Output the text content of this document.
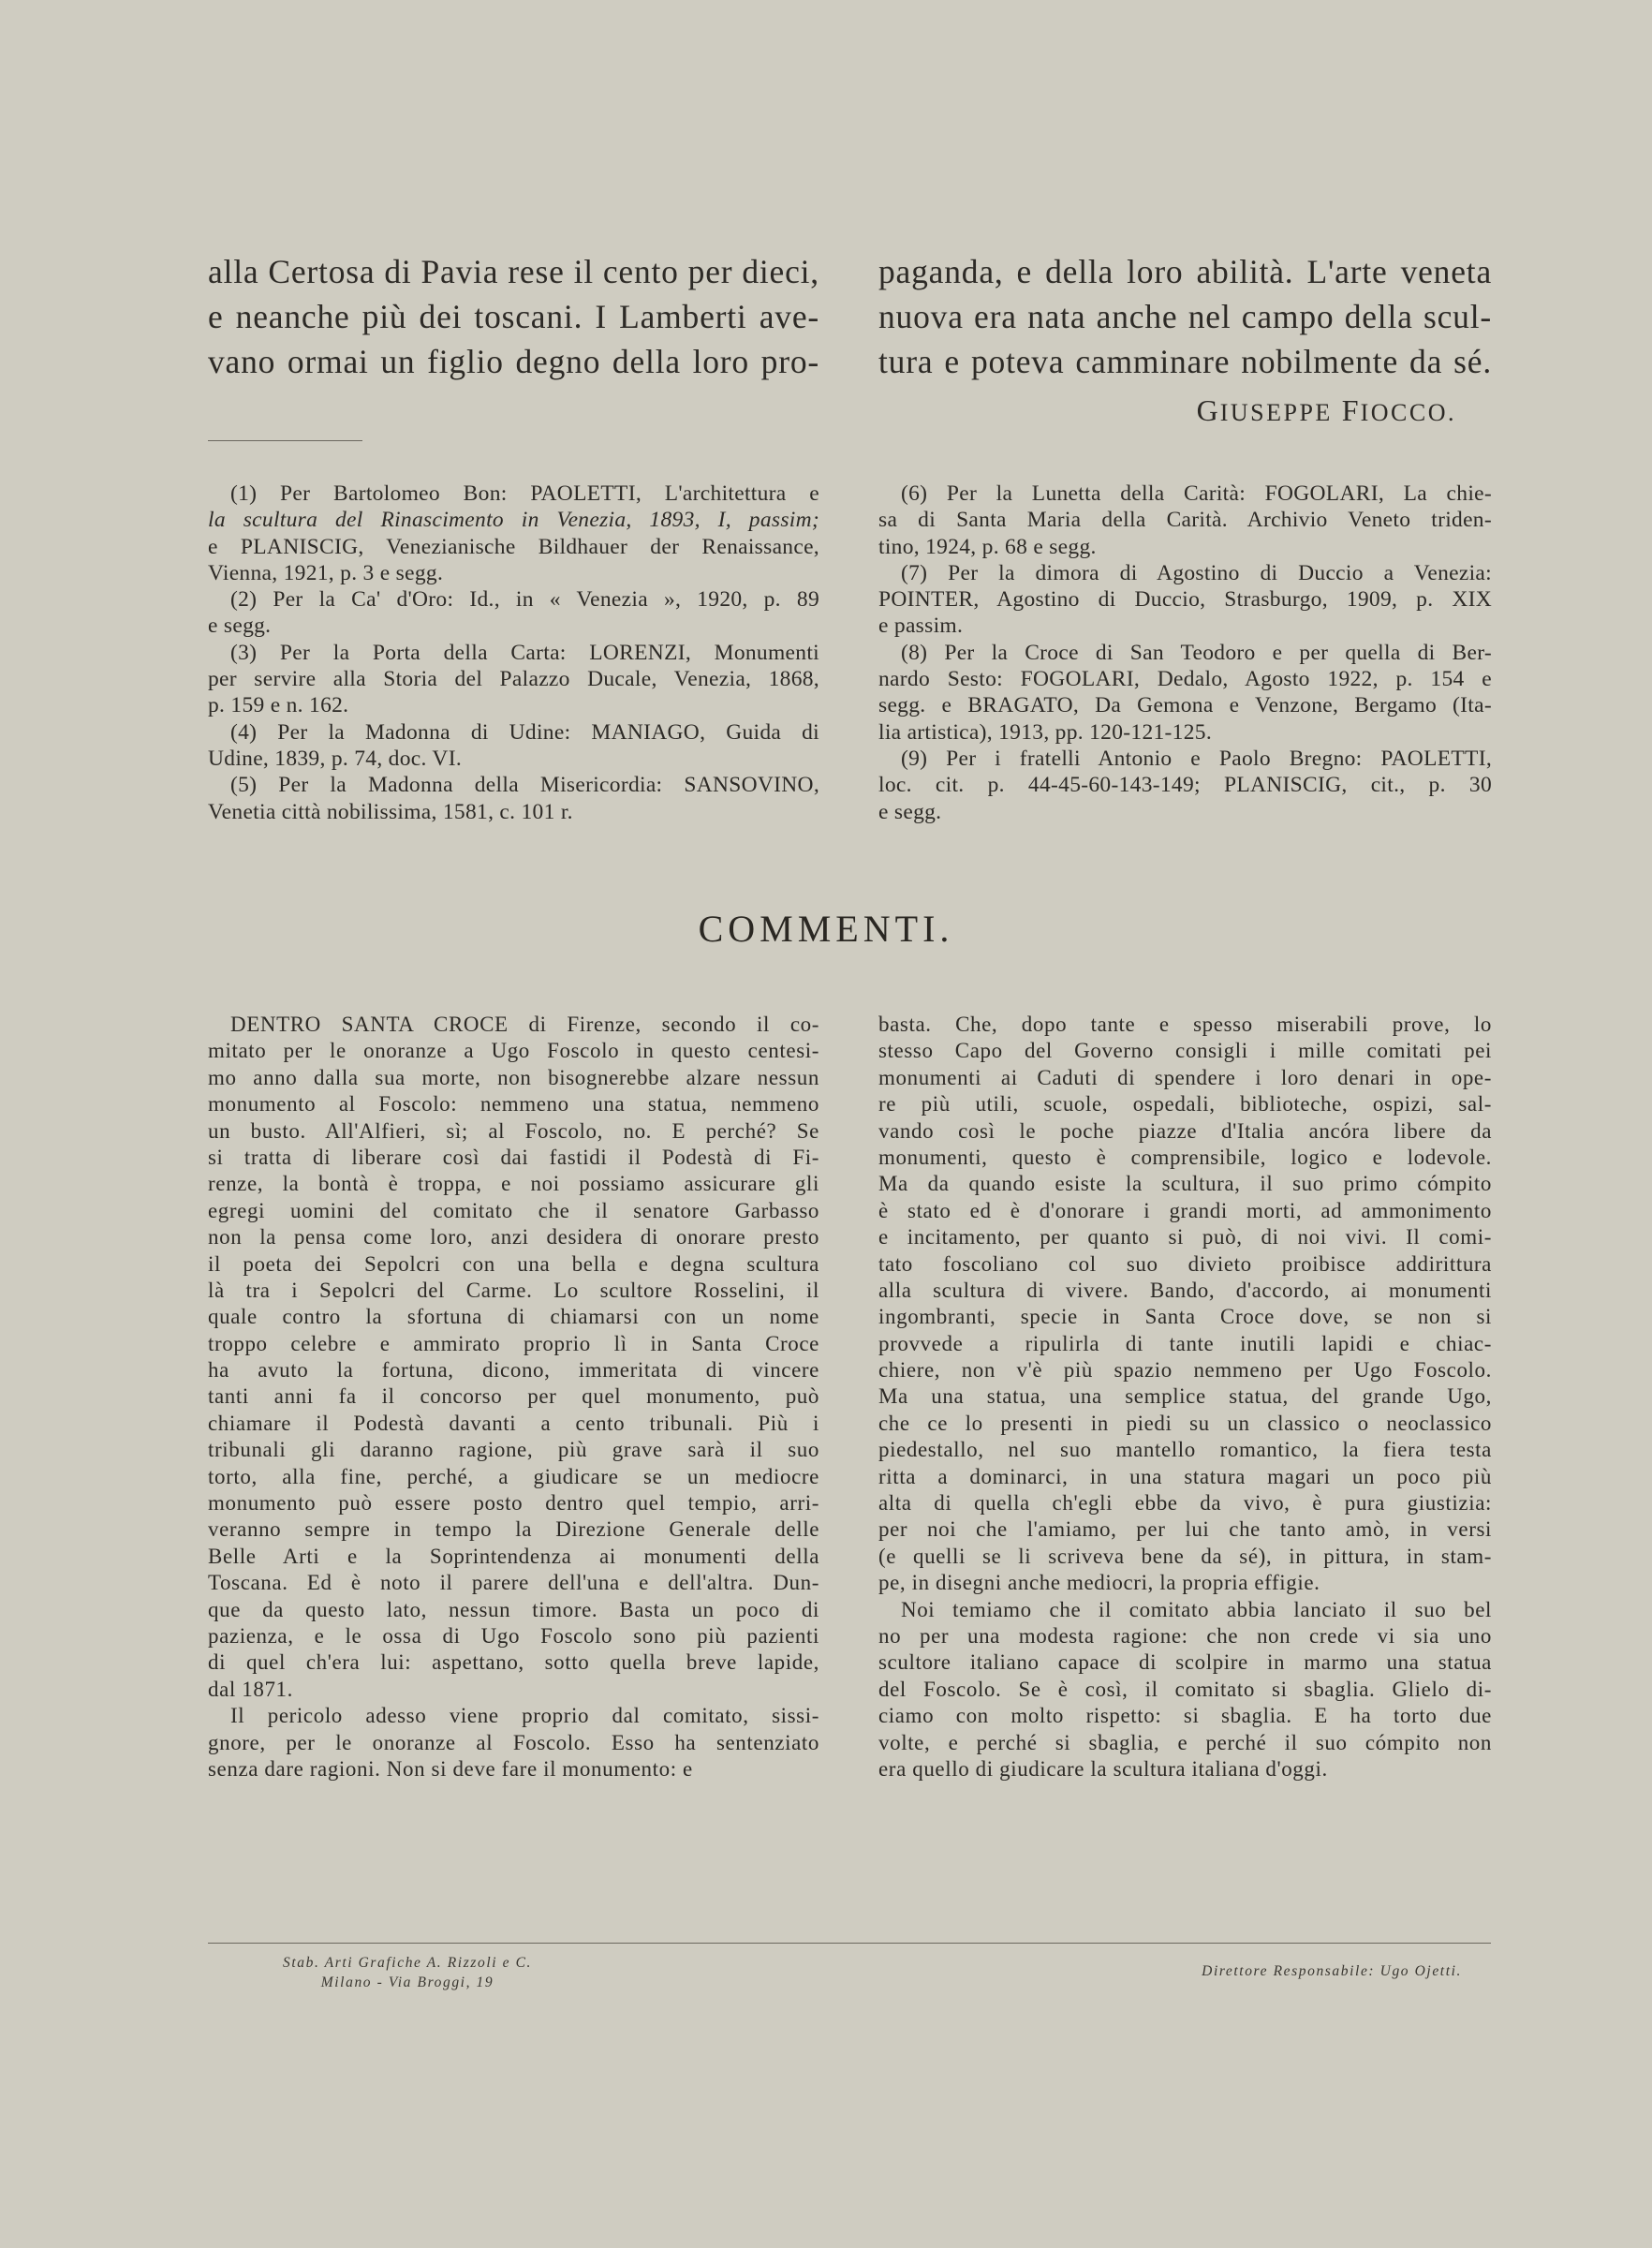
alla Certosa di Pavia rese il cento per dieci,
e neanche più dei toscani. I Lamberti ave-
vano ormai un figlio degno della loro pro-
paganda, e della loro abilità. L'arte veneta
nuova era nata anche nel campo della scul-
tura e poteva camminare nobilmente da sé.
GIUSEPPE FIOCCO.
(1) Per Bartolomeo Bon: PAOLETTI, L'architettura e
la scultura del Rinascimento in Venezia, 1893, I, passim;
e PLANISCIG, Venezianische Bildhauer der Renaissance,
Vienna, 1921, p. 3 e segg.
(2) Per la Ca' d'Oro: Id., in « Venezia », 1920, p. 89
e segg.
(3) Per la Porta della Carta: LORENZI, Monumenti
per servire alla Storia del Palazzo Ducale, Venezia, 1868,
p. 159 e n. 162.
(4) Per la Madonna di Udine: MANIAGO, Guida di
Udine, 1839, p. 74, doc. VI.
(5) Per la Madonna della Misericordia: SANSOVINO,
Venetia città nobilissima, 1581, c. 101 r.
(6) Per la Lunetta della Carità: FOGOLARI, La chie-
sa di Santa Maria della Carità. Archivio Veneto triden-
tino, 1924, p. 68 e segg.
(7) Per la dimora di Agostino di Duccio a Venezia:
POINTER, Agostino di Duccio, Strasburgo, 1909, p. XIX
e passim.
(8) Per la Croce di San Teodoro e per quella di Ber-
nardo Sesto: FOGOLARI, Dedalo, Agosto 1922, p. 154 e
segg. e BRAGATO, Da Gemona e Venzone, Bergamo (Ita-
lia artistica), 1913, pp. 120-121-125.
(9) Per i fratelli Antonio e Paolo Bregno: PAOLETTI,
loc. cit. p. 44-45-60-143-149; PLANISCIG, cit., p. 30
e segg.
COMMENTI.
DENTRO SANTA CROCE di Firenze, secondo il co-
mitato per le onoranze a Ugo Foscolo in questo centesi-
mo anno dalla sua morte, non bisognerebbe alzare nessun
monumento al Foscolo: nemmeno una statua, nemmeno
un busto. All'Alfieri, sì; al Foscolo, no. E perché? Se
si tratta di liberare così dai fastidi il Podestà di Fi-
renze, la bontà è troppa, e noi possiamo assicurare gli
egregi uomini del comitato che il senatore Garbasso
non la pensa come loro, anzi desidera di onorare presto
il poeta dei Sepolcri con una bella e degna scultura
là tra i Sepolcri del Carme. Lo scultore Rosselini, il
quale contro la sfortuna di chiamarsi con un nome
troppo celebre e ammirato proprio lì in Santa Croce
ha avuto la fortuna, dicono, immeritata di vincere
tanti anni fa il concorso per quel monumento, può
chiamare il Podestà davanti a cento tribunali. Più i
tribunali gli daranno ragione, più grave sarà il suo
torto, alla fine, perché, a giudicare se un mediocre
monumento può essere posto dentro quel tempio, arri-
veranno sempre in tempo la Direzione Generale delle
Belle Arti e la Soprintendenza ai monumenti della
Toscana. Ed è noto il parere dell'una e dell'altra. Dun-
que da questo lato, nessun timore. Basta un poco di
pazienza, e le ossa di Ugo Foscolo sono più pazienti
di quel ch'era lui: aspettano, sotto quella breve lapide,
dal 1871.
Il pericolo adesso viene proprio dal comitato, sissi-
gnore, per le onoranze al Foscolo. Esso ha sentenziato
senza dare ragioni. Non si deve fare il monumento: e
basta. Che, dopo tante e spesso miserabili prove, lo
stesso Capo del Governo consigli i mille comitati pei
monumenti ai Caduti di spendere i loro denari in ope-
re più utili, scuole, ospedali, biblioteche, ospizi, sal-
vando così le poche piazze d'Italia ancóra libere da
monumenti, questo è comprensibile, logico e lodevole.
Ma da quando esiste la scultura, il suo primo cómpito
è stato ed è d'onorare i grandi morti, ad ammonimento
e incitamento, per quanto si può, di noi vivi. Il comi-
tato foscoliano col suo divieto proibisce addirittura
alla scultura di vivere. Bando, d'accordo, ai monumenti
ingombranti, specie in Santa Croce dove, se non si
provvede a ripulirla di tante inutili lapidi e chiac-
chiere, non v'è più spazio nemmeno per Ugo Foscolo.
Ma una statua, una semplice statua, del grande Ugo,
che ce lo presenti in piedi su un classico o neoclassico
piedestallo, nel suo mantello romantico, la fiera testa
ritta a dominarci, in una statura magari un poco più
alta di quella ch'egli ebbe da vivo, è pura giustizia:
per noi che l'amiamo, per lui che tanto amò, in versi
(e quelli se li scriveva bene da sé), in pittura, in stam-
pe, in disegni anche mediocri, la propria effigie.
Noi temiamo che il comitato abbia lanciato il suo bel
no per una modesta ragione: che non crede vi sia uno
scultore italiano capace di scolpire in marmo una statua
del Foscolo. Se è così, il comitato si sbaglia. Glielo di-
ciamo con molto rispetto: si sbaglia. E ha torto due
volte, e perché si sbaglia, e perché il suo cómpito non
era quello di giudicare la scultura italiana d'oggi.
Stab. Arti Grafiche A. Rizzoli e C.
Milano - Via Broggi, 19
Direttore Responsabile: Ugo Ojetti.
